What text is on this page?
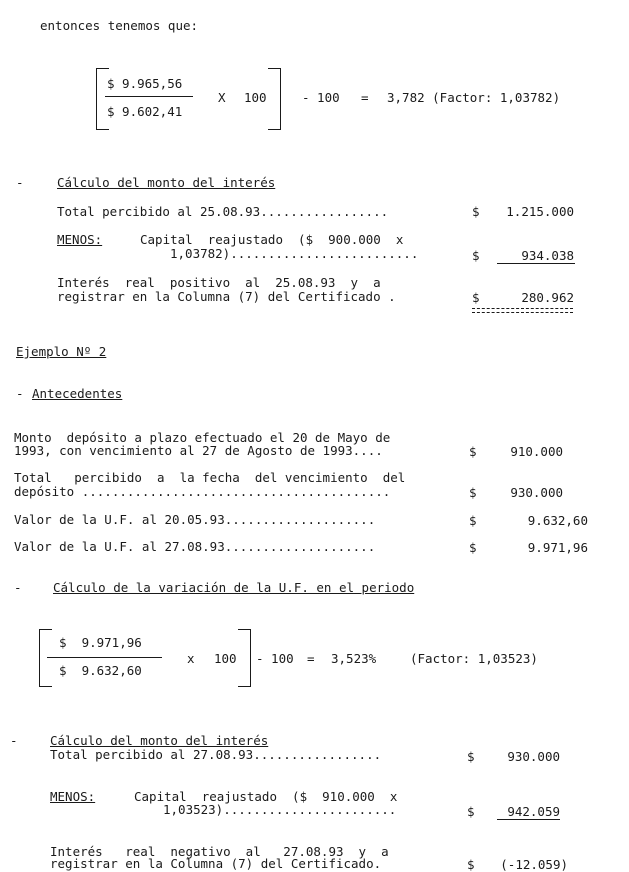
entonces tenemos que:
$ 9.965,56
$ 9.602,41
X 100	- 100 = 3,782 (Factor: 1,03782)
-	Cálculo del monto del interés
Total percibido al 25.08.93.................	$	1.215.000
MENOS:	Capital  reajustado  ($  900.000  x
1,03782).........................	$	934.038
Interés  real  positivo  al  25.08.93  y  a
registrar en la Columna (7) del Certificado .	$	280.962
Ejemplo Nº 2
- Antecedentes
Monto  depósito a plazo efectuado el 20 de Mayo de
1993, con vencimiento al 27 de Agosto de 1993....	$	910.000
Total   percibido  a  la fecha  del vencimiento  del
depósito .........................................	$	930.000
Valor de la U.F. al 20.05.93....................	$	9.632,60
Valor de la U.F. al 27.08.93....................	$	9.971,96
-	Cálculo de la variación de la U.F. en el periodo
$  9.971,96
$  9.632,60
x 100 - 100 = 3,523%	(Factor: 1,03523)
-	Cálculo del monto del interés
Total percibido al 27.08.93.................	$	930.000
MENOS:	Capital  reajustado  ($  910.000  x
1,03523).......................	$	942.059
Interés   real  negativo  al   27.08.93  y  a
registrar en la Columna (7) del Certificado.	$	(-12.059)
